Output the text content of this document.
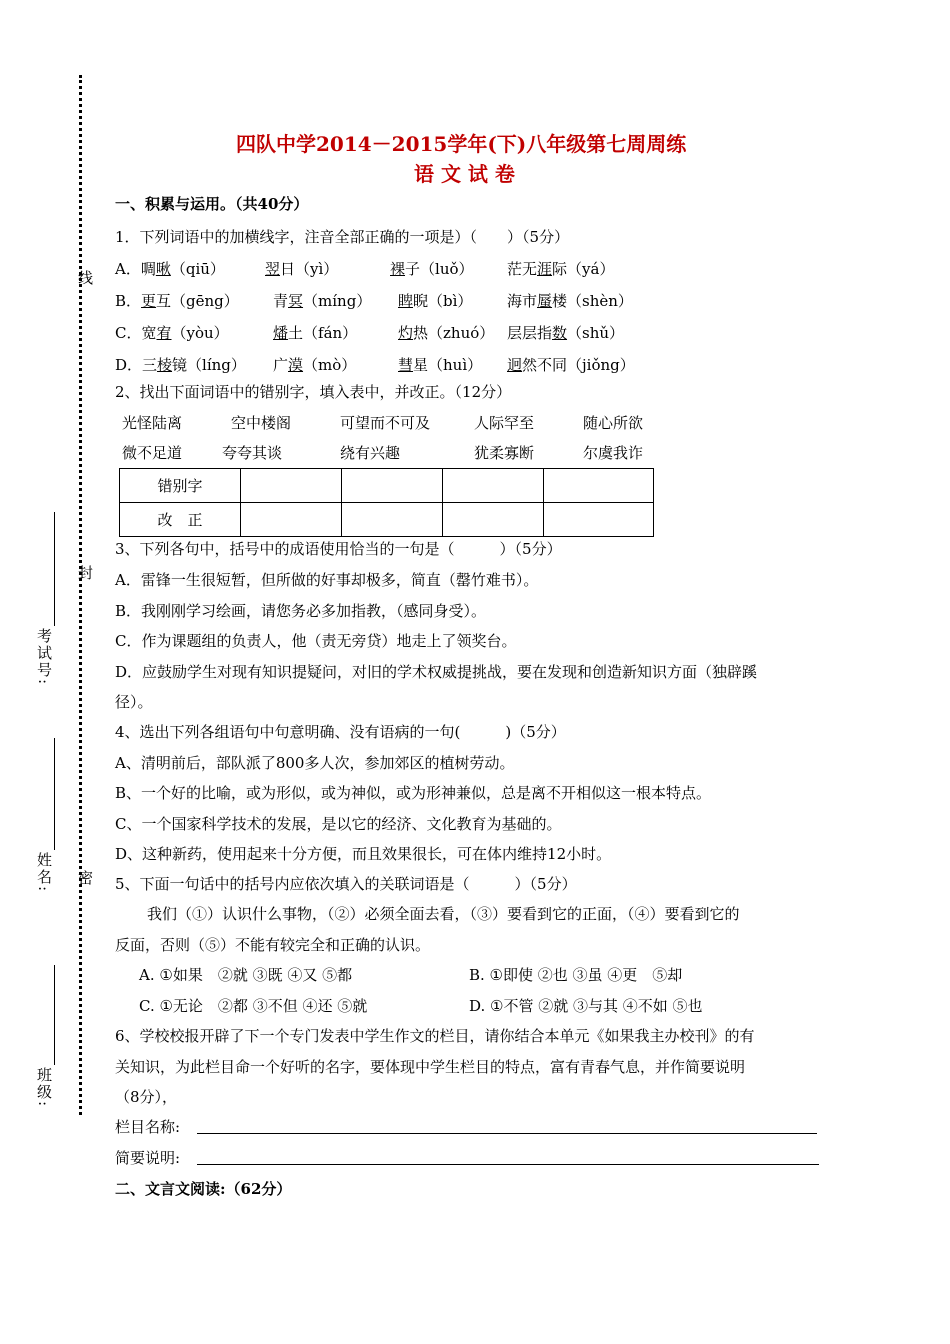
线
封
密
考试号:
姓名:
班级:
四队中学2014－2015学年(下)八年级第七周周练
语 文 试 卷
一、积累与运用。（共40分）
1．下列词语中的加横线字，注音全部正确的一项是）（　　）（5分）
A．啁啾（qiū）	翌日（yì）	裸子（luǒ） 茫无涯际（yá）
B．更互（gēng） 青冥（míng） 睥睨（bì） 海市蜃楼（shèn）
C．宽宥（yòu）	燔土（fán）	灼热（zhuó） 层层指数（shǔ）
D．三棱镜（líng） 广漠（mò）	彗星（huì） 迥然不同（jiǒng）
2、找出下面词语中的错别字，填入表中，并改正。（12分）
光怪陆离	空中楼阁	可望而不可及	人际罕至	随心所欲
微不足道	夸夸其谈	绕有兴趣	犹柔寡断	尔虞我诈
错别字				
改　正				
3、下列各句中，括号中的成语使用恰当的一句是（　　　）（5分）
A．雷锋一生很短暂，但所做的好事却极多，简直（罄竹难书）。
B．我刚刚学习绘画，请您务必多加指教，（感同身受）。
C．作为课题组的负责人，他（责无旁贷）地走上了领奖台。
D．应鼓励学生对现有知识提疑问，对旧的学术权威提挑战，要在发现和创造新知识方面（独辟蹊
径）。
4、选出下列各组语句中句意明确、没有语病的一句(　　　)（5分）
A、清明前后，部队派了800多人次，参加郊区的植树劳动。
B、一个好的比喻，或为形似，或为神似，或为形神兼似，总是离不开相似这一根本特点。
C、一个国家科学技术的发展，是以它的经济、文化教育为基础的。
D、这种新药，使用起来十分方便，而且效果很长，可在体内维持12小时。
5、下面一句话中的括号内应依次填入的关联词语是（　　　）（5分）
我们（①）认识什么事物，（②）必须全面去看，（③）要看到它的正面，（④）要看到它的
反面，否则（⑤）不能有较完全和正确的认识。
A. ①如果　②就 ③既 ④又 ⑤都	B. ①即使 ②也 ③虽 ④更　⑤却
C. ①无论　②都 ③不但 ④还 ⑤就	D. ①不管 ②就 ③与其 ④不如 ⑤也
6、学校校报开辟了下一个专门发表中学生作文的栏目，请你结合本单元《如果我主办校刊》的有
关知识，为此栏目命一个好听的名字，要体现中学生栏目的特点，富有青春气息，并作简要说明
（8分），
栏目名称:
简要说明:
二、文言文阅读:（62分）
